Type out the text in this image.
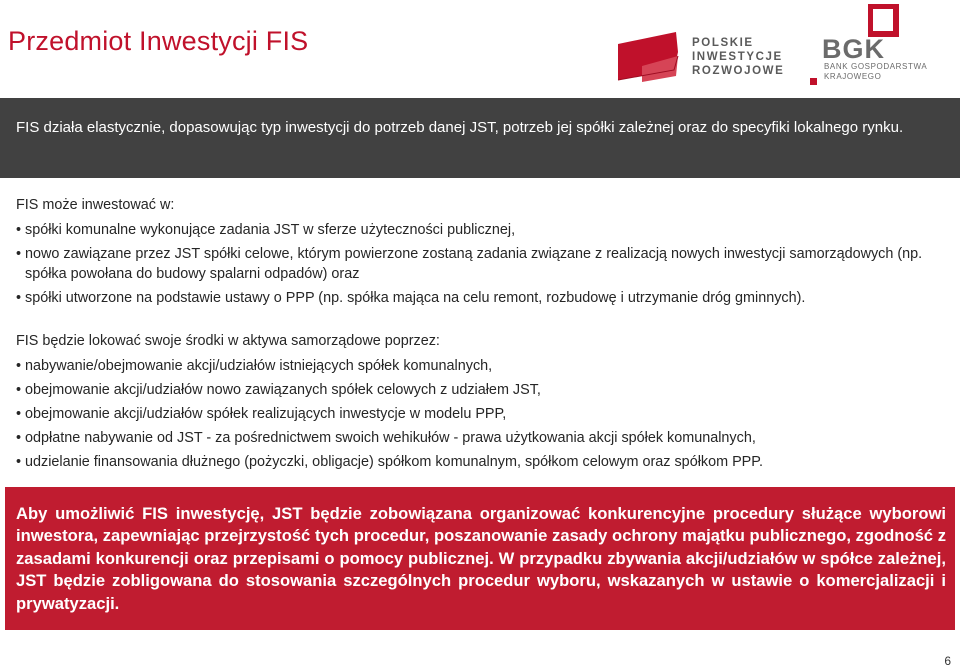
Przedmiot Inwestycji FIS	POLSKIE
INWESTYCJE
ROZWOJOWE
BGK
BANK GOSPODARSTWA
KRAJOWEGO
FIS działa elastycznie, dopasowując typ inwestycji do potrzeb danej JST, potrzeb jej spółki zależnej oraz do specyfiki lokalnego rynku.
FIS może inwestować w:
• spółki komunalne wykonujące zadania JST w sferze użyteczności publicznej,
• nowo zawiązane przez JST spółki celowe, którym powierzone zostaną zadania związane z realizacją nowych inwestycji samorządowych (np. spółka powołana do budowy spalarni odpadów) oraz
• spółki utworzone na podstawie ustawy o PPP (np. spółka mająca na celu remont, rozbudowę i utrzymanie dróg gminnych).
FIS będzie lokować swoje środki w aktywa samorządowe poprzez:
• nabywanie/obejmowanie akcji/udziałów istniejących spółek komunalnych,
• obejmowanie akcji/udziałów nowo zawiązanych spółek celowych z udziałem JST,
• obejmowanie akcji/udziałów spółek realizujących inwestycje w modelu PPP,
• odpłatne nabywanie od JST - za pośrednictwem swoich wehikułów - prawa użytkowania akcji spółek komunalnych,
• udzielanie finansowania dłużnego (pożyczki, obligacje) spółkom komunalnym, spółkom celowym oraz spółkom PPP.
Aby umożliwić FIS inwestycję, JST będzie zobowiązana organizować konkurencyjne procedury służące wyborowi inwestora, zapewniając przejrzystość tych procedur, poszanowanie zasady ochrony majątku publicznego, zgodność z zasadami konkurencji oraz przepisami o pomocy publicznej. W przypadku zbywania akcji/udziałów w spółce zależnej, JST będzie zobligowana do stosowania szczególnych procedur wyboru, wskazanych w ustawie o komercjalizacji i prywatyzacji.
6
